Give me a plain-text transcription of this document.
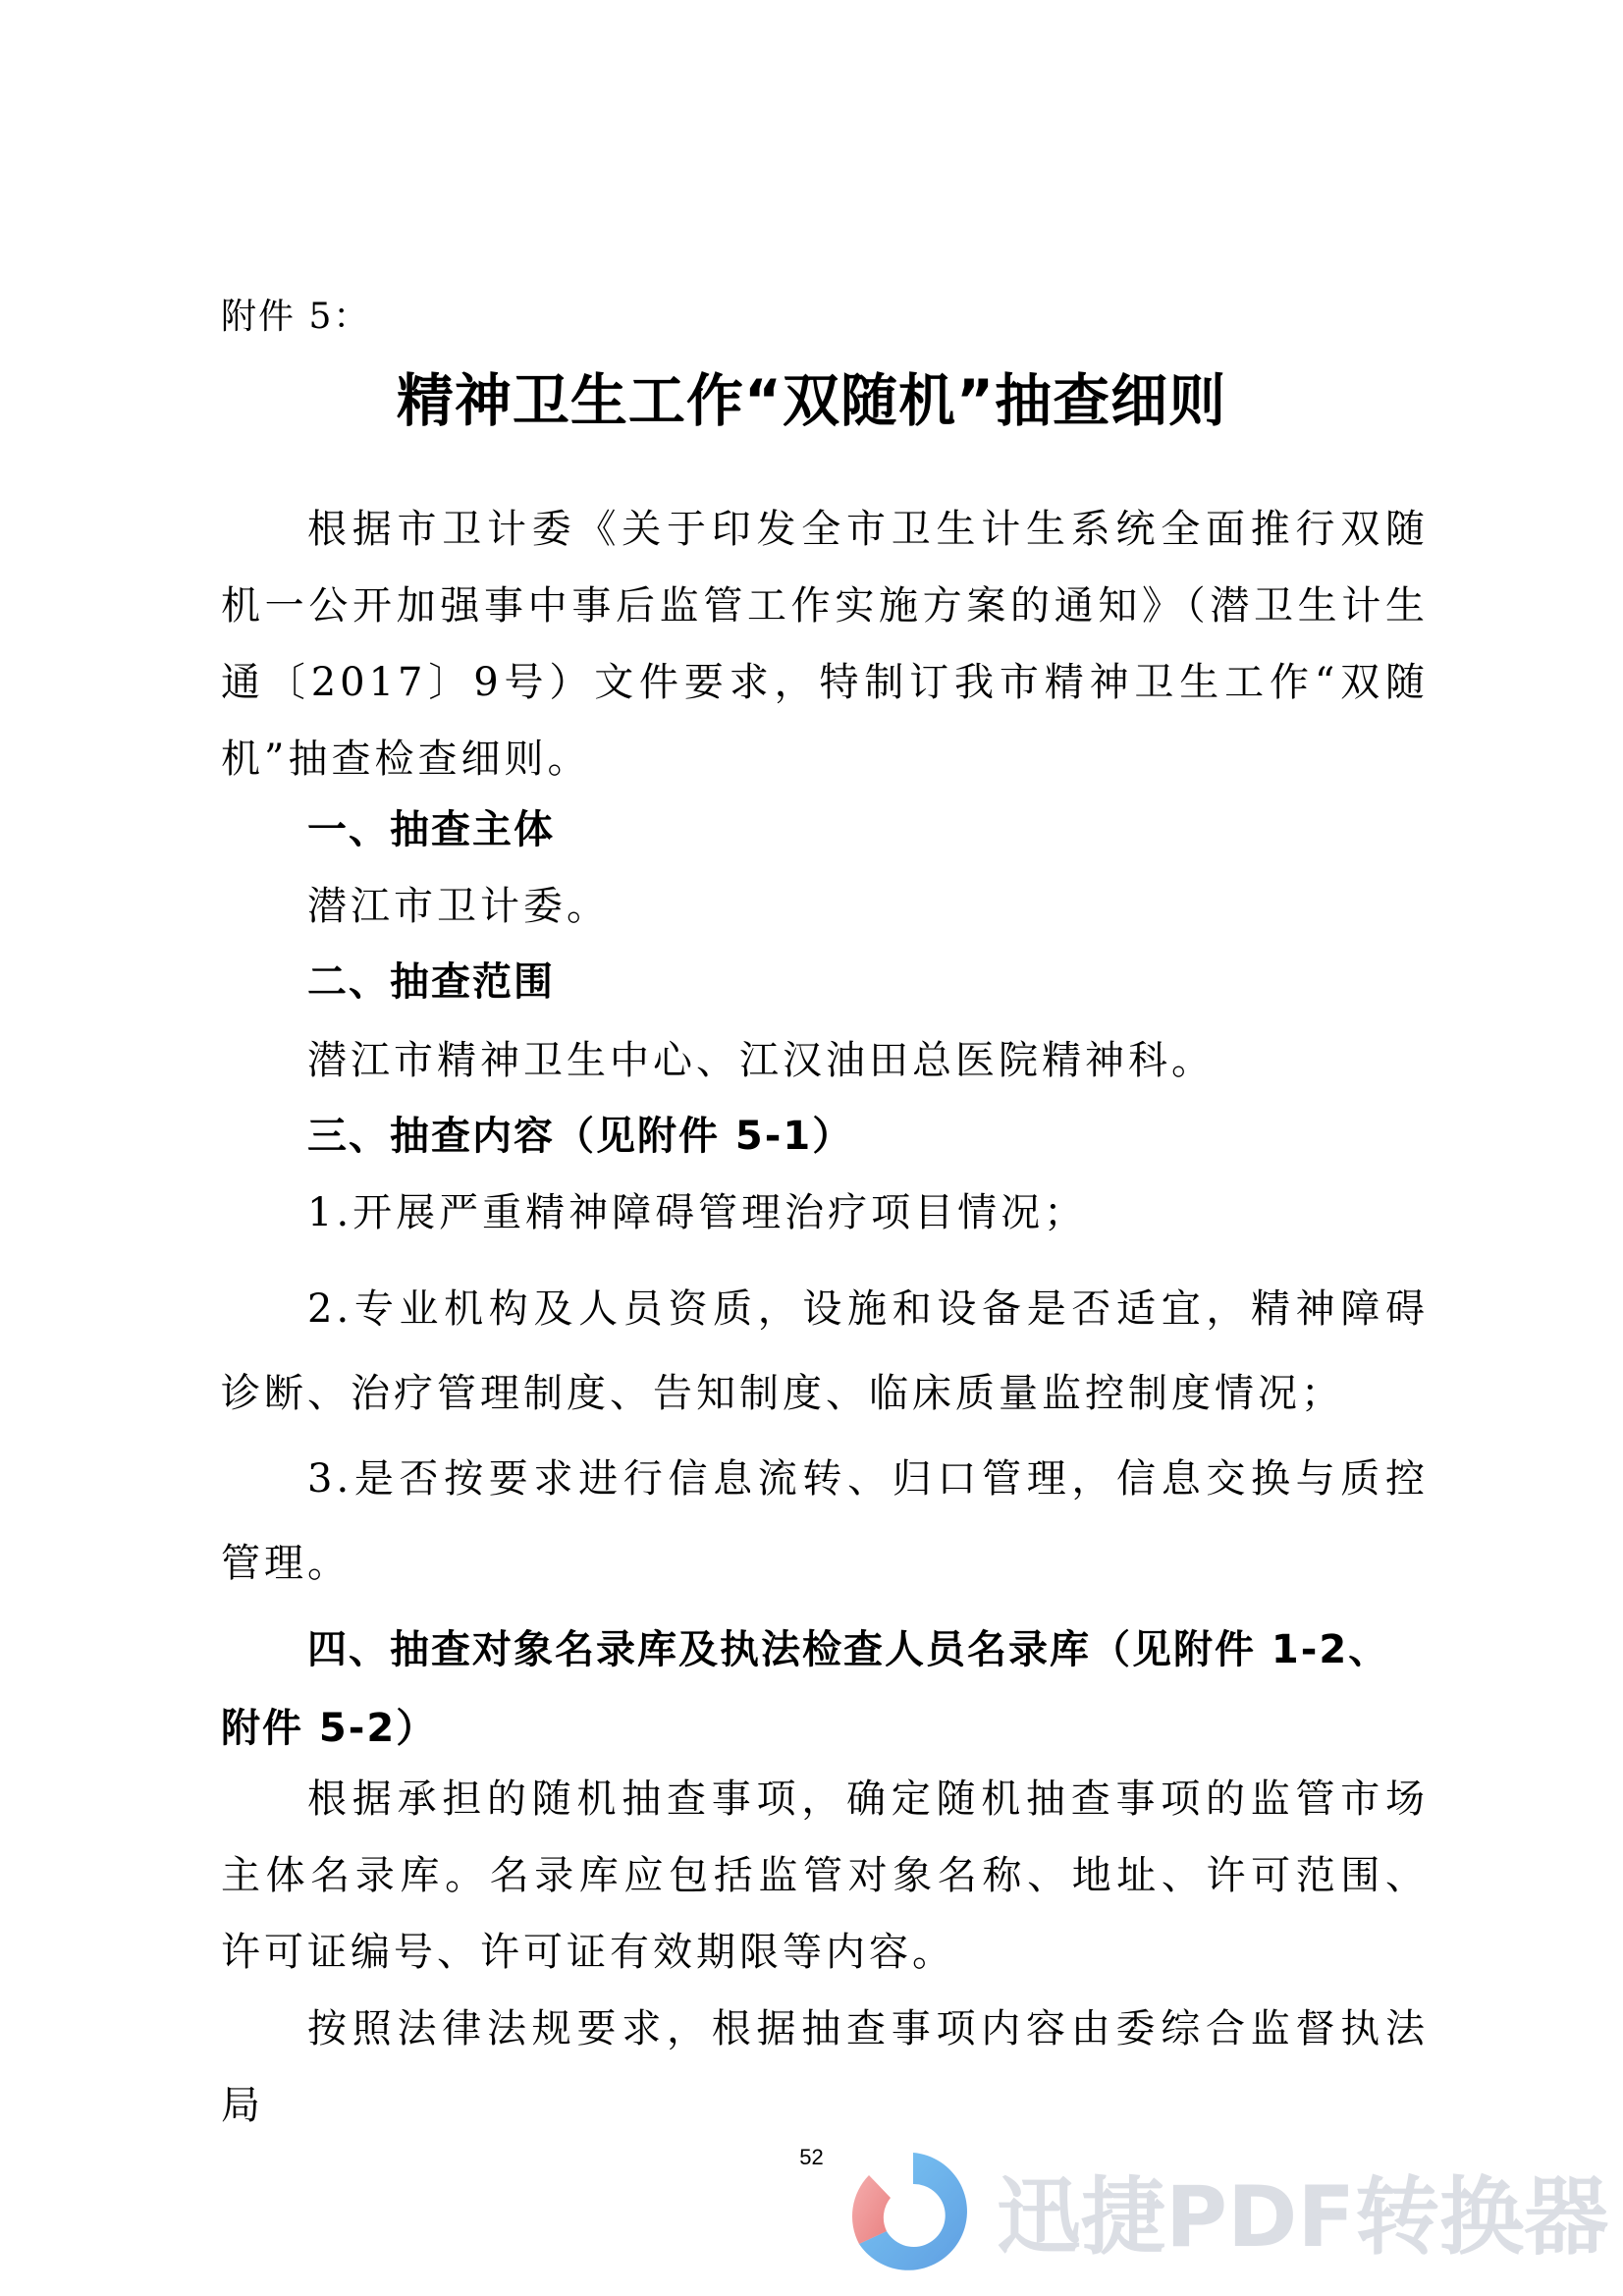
附件 5：
精神卫生工作“双随机”抽查细则
根据市卫计委《关于印发全市卫生计生系统全面推行双随机一公开加强事中事后监管工作实施方案的通知》（潜卫生计生通〔2017〕9号）文件要求，特制订我市精神卫生工作“双随机”抽查检查细则。
一、抽查主体
潜江市卫计委。
二、抽查范围
潜江市精神卫生中心、江汉油田总医院精神科。
三、抽查内容（见附件 5-1）
1.开展严重精神障碍管理治疗项目情况；
2.专业机构及人员资质，设施和设备是否适宜，精神障碍诊断、治疗管理制度、告知制度、临床质量监控制度情况；
3.是否按要求进行信息流转、归口管理，信息交换与质控管理。
四、抽查对象名录库及执法检查人员名录库（见附件 1-2、附件 5-2）
根据承担的随机抽查事项，确定随机抽查事项的监管市场主体名录库。名录库应包括监管对象名称、地址、许可范围、许可证编号、许可证有效期限等内容。
按照法律法规要求，根据抽查事项内容由委综合监督执法局
52
迅捷PDF转换器
